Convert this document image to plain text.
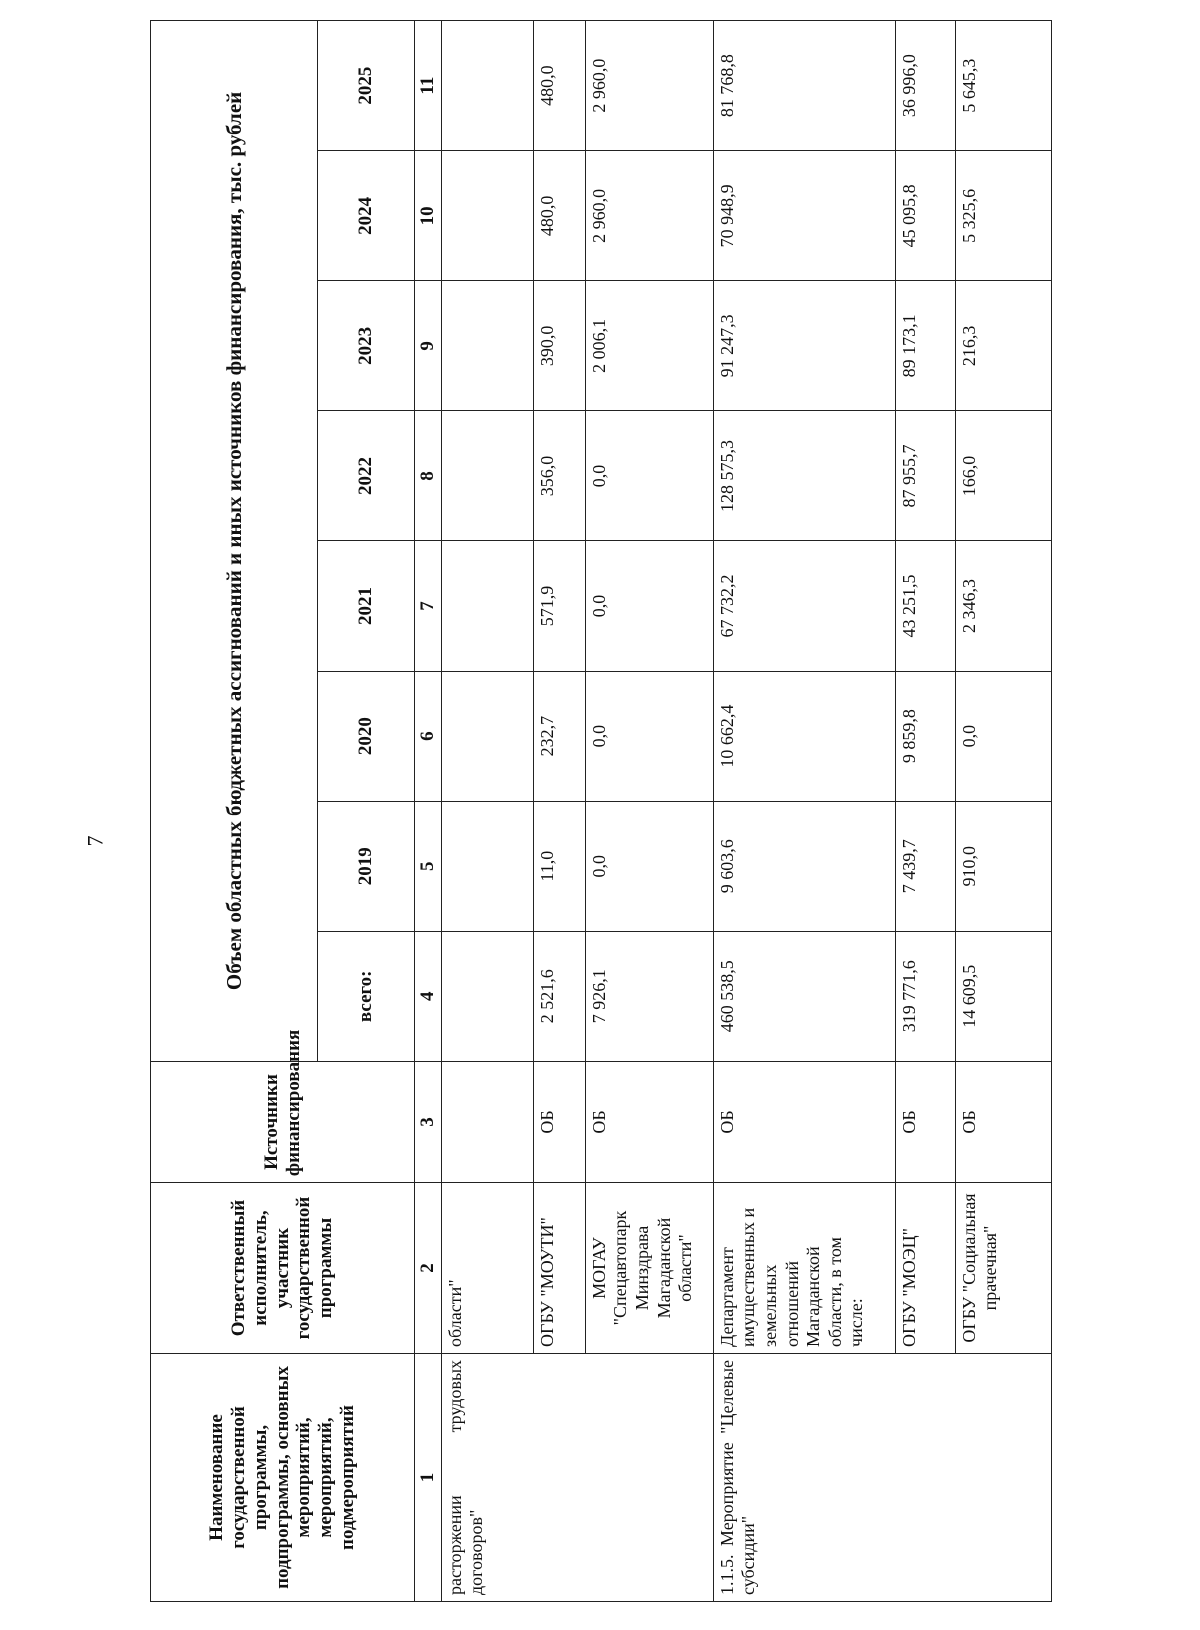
7
Наименование государственной программы, подпрограммы, основных мероприятий, мероприятий, подмероприятий	Ответственный исполнитель, участник государственной программы	Источники финансирования	Объем областных бюджетных ассигнований и иных источников финансирования, тыс. рублей							
			всего:	2019	2020	2021	2022	2023	2024	2025
1	2	3	4	5	6	7	8	9	10	11
расторжении трудовых договоров"	области"									
	ОГБУ "МОУТИ"	ОБ	2 521,6	11,0	232,7	571,9	356,0	390,0	480,0	480,0
	МОГАУ "Спецавтопарк Минздрава Магаданской области"	ОБ	7 926,1	0,0	0,0	0,0	0,0	2 006,1	2 960,0	2 960,0
1.1.5. Мероприятие "Целевые субсидии"	Департамент имущественных и земельных отношений Магаданской области, в том числе:	ОБ	460 538,5	9 603,6	10 662,4	67 732,2	128 575,3	91 247,3	70 948,9	81 768,8
	ОГБУ "МОЭЦ"	ОБ	319 771,6	7 439,7	9 859,8	43 251,5	87 955,7	89 173,1	45 095,8	36 996,0
	ОГБУ "Социальная прачечная"	ОБ	14 609,5	910,0	0,0	2 346,3	166,0	216,3	5 325,6	5 645,3
